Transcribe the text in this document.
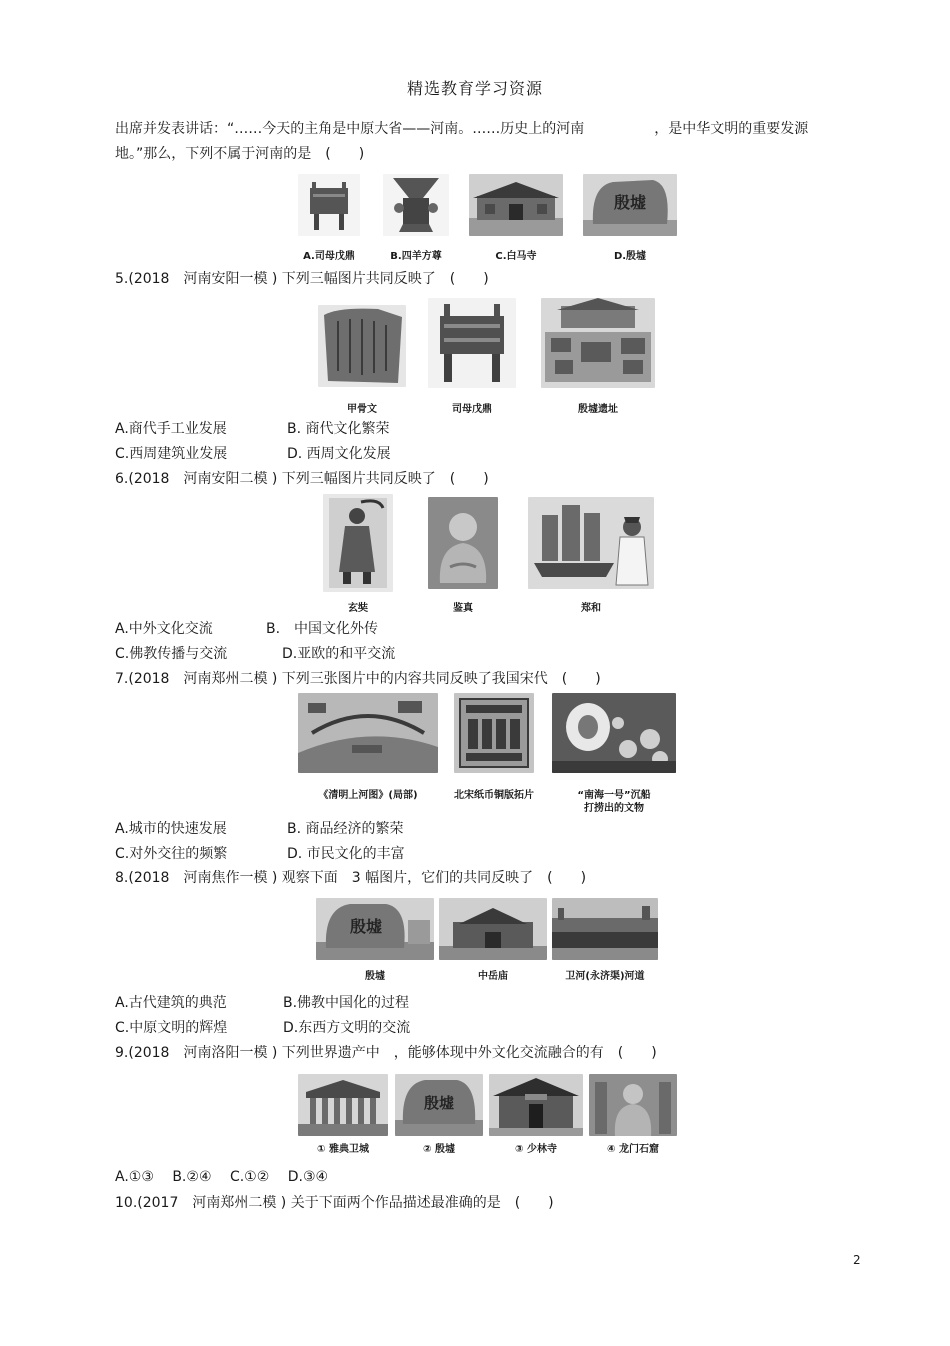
精选教育学习资源
出席并发表讲话：“……今天的主角是中原大省——河南。……历史上的河南	，是中华文明的重要发源
地。”那么，下列不属于河南的是　(　　)
殷墟
A.司母戊鼎	B.四羊方尊	C.白马寺	D.殷墟
5.(2018　河南安阳一模 ) 下列三幅图片共同反映了　(　　)
甲骨文	司母戊鼎	殷墟遗址
A.商代手工业发展	B. 商代文化繁荣
C.西周建筑业发展	D. 西周文化发展
6.(2018　河南安阳二模 ) 下列三幅图片共同反映了　(　　)
玄奘	鉴真	郑和
A.中外文化交流	B.　中国文化外传
C.佛教传播与交流	D.亚欧的和平交流
7.(2018　河南郑州二模 ) 下列三张图片中的内容共同反映了我国宋代　(　　)
《清明上河图》(局部)	北宋纸币铜版拓片	“南海一号”沉船
打捞出的文物
A.城市的快速发展	B. 商品经济的繁荣
C.对外交往的频繁	D. 市民文化的丰富
8.(2018　河南焦作一模 ) 观察下面　3 幅图片，它们的共同反映了　(　　)
殷墟
殷墟	中岳庙	卫河(永济渠)河道
A.古代建筑的典范	B.佛教中国化的过程
C.中原文明的辉煌	D.东西方文明的交流
9.(2018　河南洛阳一模 ) 下列世界遗产中　，能够体现中外文化交流融合的有　(　　)
殷墟
① 雅典卫城	② 殷墟	③ 少林寺	④ 龙门石窟
A.①③　 B.②④　 C.①②　 D.③④
10.(2017　河南郑州二模 ) 关于下面两个作品描述最准确的是　(　　)
2
